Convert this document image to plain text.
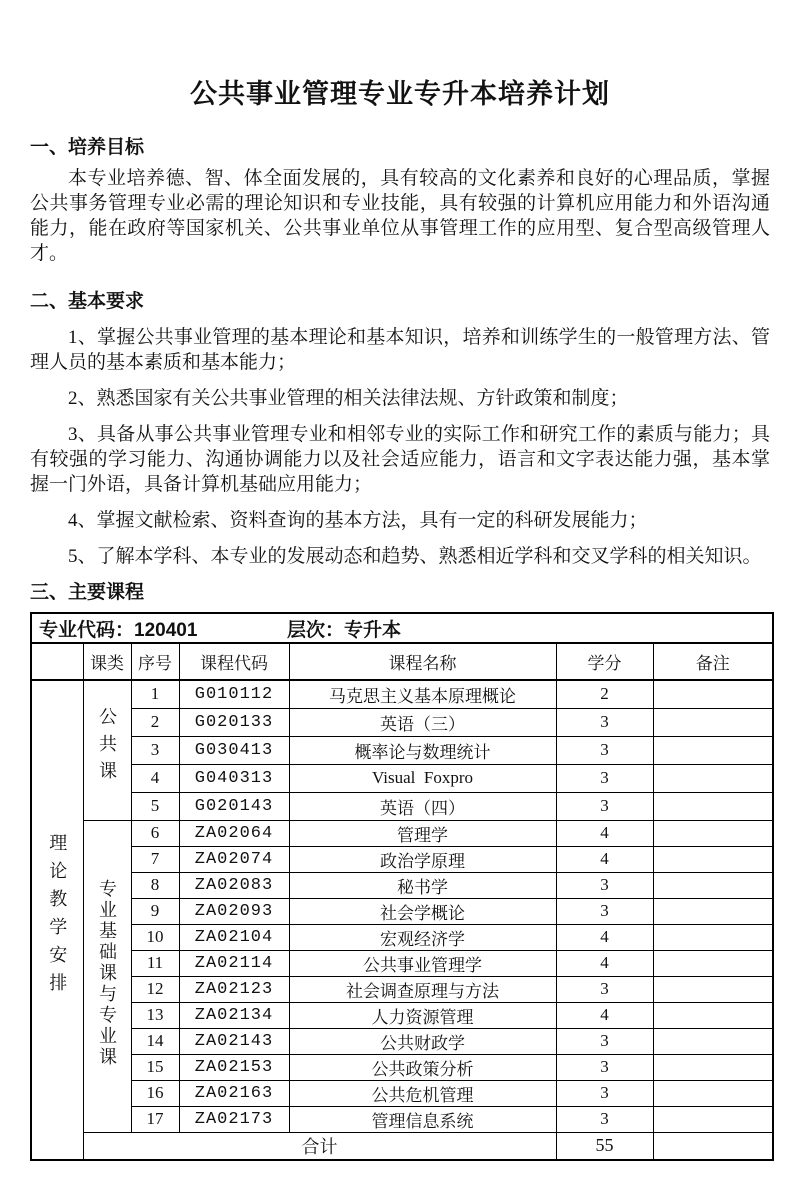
公共事业管理专业专升本培养计划
一、培养目标

本专业培养德、智、体全面发展的，具有较高的文化素养和良好的心理品质，掌握公共事务管理专业必需的理论知识和专业技能，具有较强的计算机应用能力和外语沟通能力，能在政府等国家机关、公共事业单位从事管理工作的应用型、复合型高级管理人才。

二、基本要求

1、掌握公共事业管理的基本理论和基本知识，培养和训练学生的一般管理方法、管理人员的基本素质和基本能力；

2、熟悉国家有关公共事业管理的相关法律法规、方针政策和制度；

3、具备从事公共事业管理专业和相邻专业的实际工作和研究工作的素质与能力；具有较强的学习能力、沟通协调能力以及社会适应能力，语言和文字表达能力强，基本掌握一门外语，具备计算机基础应用能力；

4、掌握文献检索、资料查询的基本方法，具有一定的科研发展能力；

5、了解本学科、本专业的发展动态和趋势、熟悉相近学科和交叉学科的相关知识。

三、主要课程
专业代码：120401 层次：专升本						
	课类	序号	课程代码	课程名称	学分	备注
理论教学安排	公共课	1	G010112	马克思主义基本原理概论	2	
		2	G020133	英语（三）	3	
		3	G030413	概率论与数理统计	3	
		4	G040313	Visual  Foxpro	3	
		5	G020143	英语（四）	3	
	专业基础课与专业课	6	ZA02064	管理学	4	
		7	ZA02074	政治学原理	4	
		8	ZA02083	秘书学	3	
		9	ZA02093	社会学概论	3	
		10	ZA02104	宏观经济学	4	
		11	ZA02114	公共事业管理学	4	
		12	ZA02123	社会调查原理与方法	3	
		13	ZA02134	人力资源管理	4	
		14	ZA02143	公共财政学	3	
		15	ZA02153	公共政策分析	3	
		16	ZA02163	公共危机管理	3	
		17	ZA02173	管理信息系统	3	
	合计				55	
